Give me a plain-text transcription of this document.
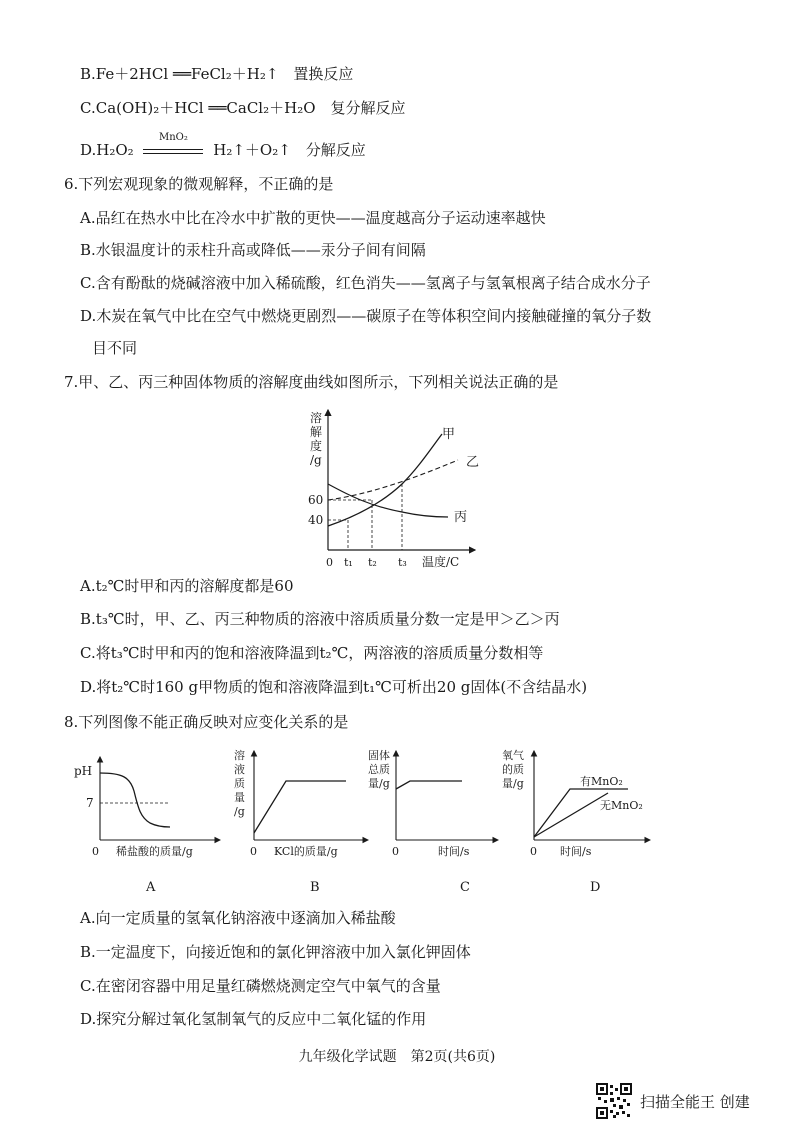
B.Fe＋2HCl ══FeCl₂＋H₂↑　置换反应
C.Ca(OH)₂＋HCl ══CaCl₂＋H₂O　复分解反应
D.H₂O₂
MnO₂
H₂↑＋O₂↑　分解反应
6.下列宏观现象的微观解释，不正确的是
A.品红在热水中比在冷水中扩散的更快——温度越高分子运动速率越快
B.水银温度计的汞柱升高或降低——汞分子间有间隔
C.含有酚酞的烧碱溶液中加入稀硫酸，红色消失——氢离子与氢氧根离子结合成水分子
D.木炭在氧气中比在空气中燃烧更剧烈——碳原子在等体积空间内接触碰撞的氧分子数
目不同
7.甲、乙、丙三种固体物质的溶解度曲线如图所示，下列相关说法正确的是
溶
解
度
/g
60
40
甲
乙
丙
0 t₁ t₂ t₃ 温度/C
A.t₂℃时甲和丙的溶解度都是60
B.t₃℃时，甲、乙、丙三种物质的溶液中溶质质量分数一定是甲＞乙＞丙
C.将t₃℃时甲和丙的饱和溶液降温到t₂℃，两溶液的溶质质量分数相等
D.将t₂℃时160 g甲物质的饱和溶液降温到t₁℃可析出20 g固体(不含结晶水)
8.下列图像不能正确反映对应变化关系的是
pH
7
0 稀盐酸的质量/g
A
溶
液
质
量
/g
0 KCl的质量/g
B
固体
总质
量/g
0	时间/s
C
氧气
的质
量/g	有MnO₂
无MnO₂
0 时间/s
D
A.向一定质量的氢氧化钠溶液中逐滴加入稀盐酸
B.一定温度下，向接近饱和的氯化钾溶液中加入氯化钾固体
C.在密闭容器中用足量红磷燃烧测定空气中氧气的含量
D.探究分解过氧化氢制氧气的反应中二氧化锰的作用
九年级化学试题　第2页(共6页)
扫描全能王 创建
